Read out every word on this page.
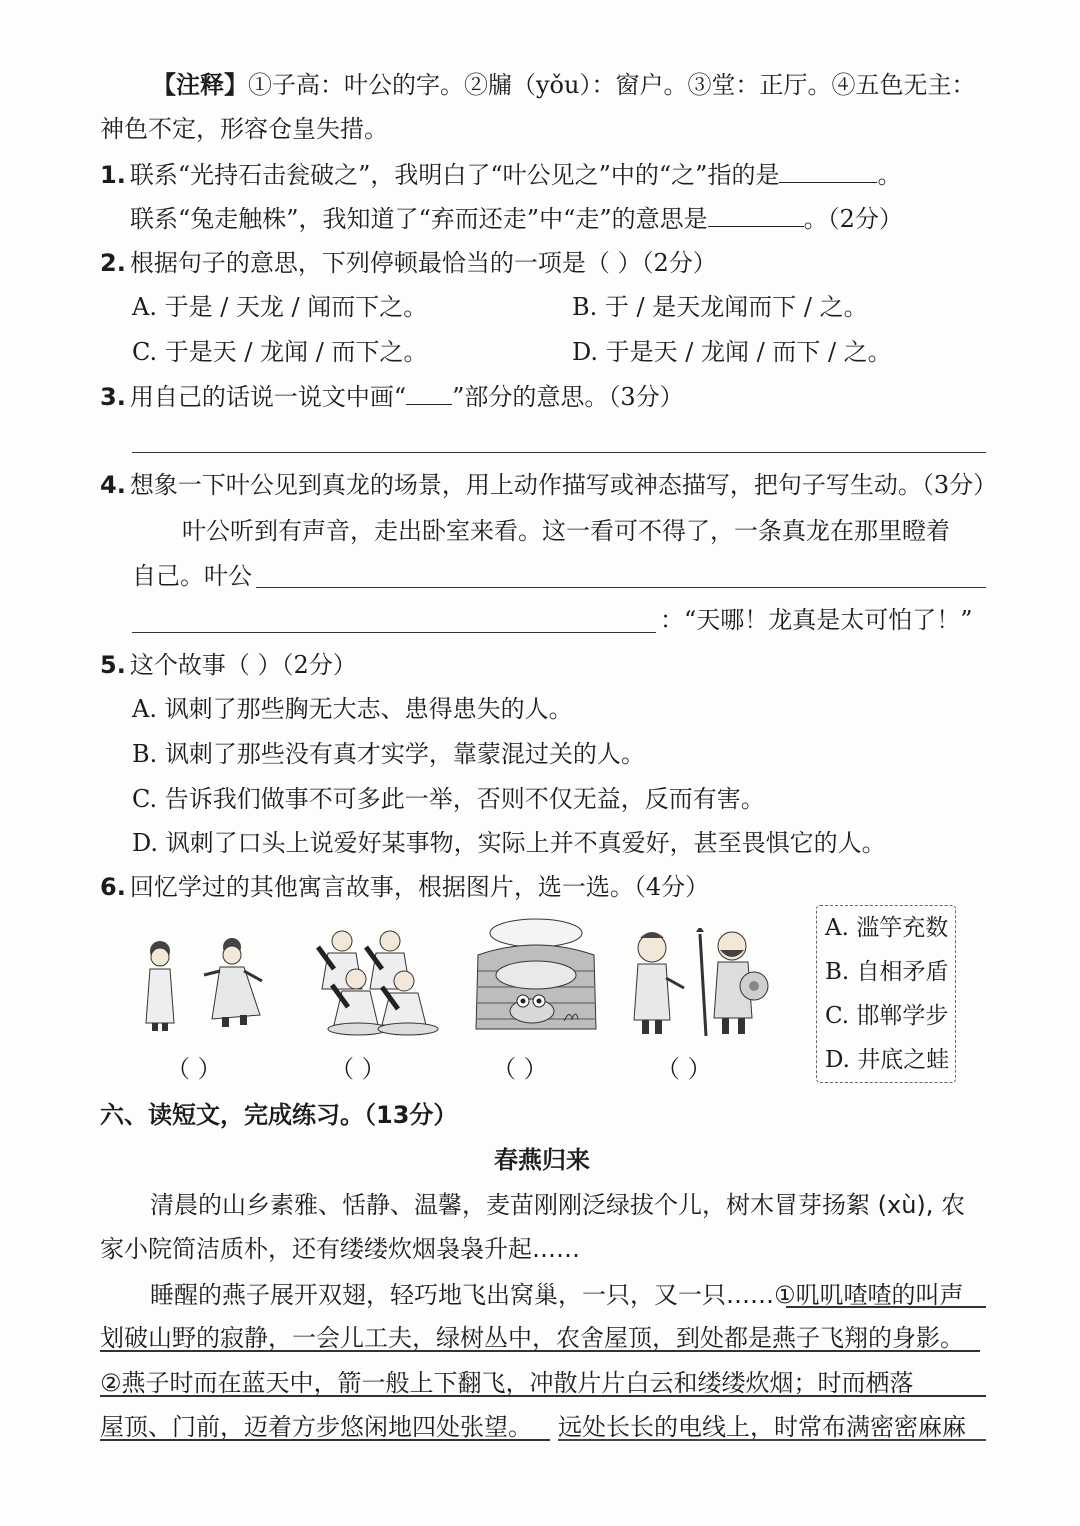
【注释】①子高：叶公的字。②牖（yǒu）：窗户。③堂：正厅。④五色无主：
神色不定，形容仓皇失措。
1. 联系“光持石击瓮破之”，我明白了“叶公见之”中的“之”指的是	。
联系“兔走触株”，我知道了“弃而还走”中“走”的意思是	。（2分）
2. 根据句子的意思，下列停顿最恰当的一项是（ ）（2分）
A. 于是 / 天龙 / 闻而下之。	B. 于 / 是天龙闻而下 / 之。
C. 于是天 / 龙闻 / 而下之。	D. 于是天 / 龙闻 / 而下 / 之。
3. 用自己的话说一说文中画“ ”部分的意思。（3分）
4. 想象一下叶公见到真龙的场景，用上动作描写或神态描写，把句子写生动。（3分）
叶公听到有声音，走出卧室来看。这一看可不得了，一条真龙在那里瞪着
自己。叶公
：“天哪！龙真是太可怕了！”
5. 这个故事（ ）（2分）
A. 讽刺了那些胸无大志、患得患失的人。
B. 讽刺了那些没有真才实学，靠蒙混过关的人。
C. 告诉我们做事不可多此一举，否则不仅无益，反而有害。
D. 讽刺了口头上说爱好某事物，实际上并不真爱好，甚至畏惧它的人。
6. 回忆学过的其他寓言故事，根据图片，选一选。（4分）
（ ）	（ ）	（ ）	（ ）
A. 滥竽充数
B. 自相矛盾
C. 邯郸学步
D. 井底之蛙
六、读短文，完成练习。（13分）
春燕归来
清晨的山乡素雅、恬静、温馨，麦苗刚刚泛绿拔个儿，树木冒芽扬絮 (xù), 农
家小院简洁质朴，还有缕缕炊烟袅袅升起……
睡醒的燕子展开双翅，轻巧地飞出窝巢，一只，又一只……①叽叽喳喳的叫声
划破山野的寂静，一会儿工夫，绿树丛中，农舍屋顶，到处都是燕子飞翔的身影。
②燕子时而在蓝天中，箭一般上下翻飞，冲散片片白云和缕缕炊烟；时而栖落
屋顶、门前，迈着方步悠闲地四处张望。 远处长长的电线上，时常布满密密麻麻
